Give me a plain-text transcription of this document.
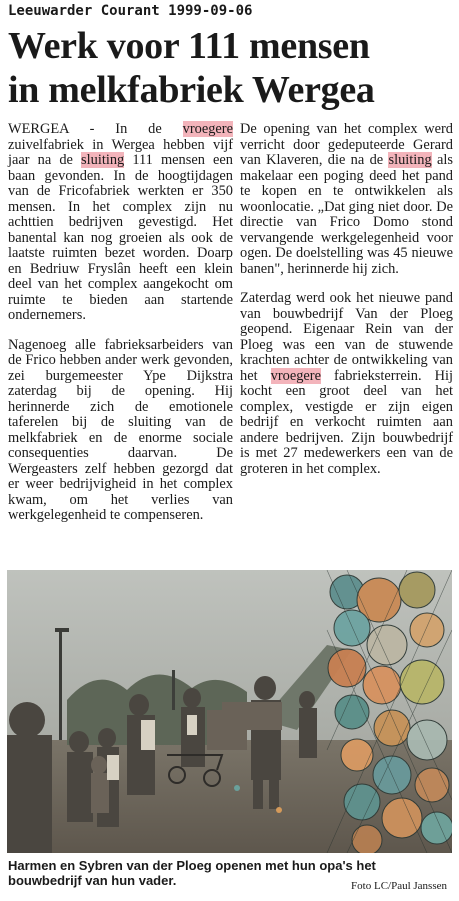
Leeuwarder Courant 1999-09-06
Werk voor 111 mensen
in melkfabriek Wergea

WERGEA - In de vroegere zuivelfabriek in Wergea hebben vijf jaar na de sluiting 111 mensen een baan gevonden. In de hoogtijdagen van de Fricofabriek werkten er 350 mensen. In het complex zijn nu achttien bedrijven gevestigd. Het banental kan nog groeien als ook de laatste ruimten bezet worden. Doarp en Bedriuw Fryslân heeft een klein deel van het complex aangekocht om ruimte te bieden aan startende ondernemers.

Nagenoeg alle fabrieksarbeiders van de Frico hebben ander werk gevonden, zei burgemeester Ype Dijkstra zaterdag bij de opening. Hij herinnerde zich de emotionele taferelen bij de sluiting van de melkfabriek en de enorme sociale consequenties daarvan. De Wergeasters zelf hebben gezorgd dat er weer bedrijvigheid in het complex kwam, om het verlies van werkgelegenheid te compenseren.

De opening van het complex werd verricht door gedeputeerde Gerard van Klaveren, die na de sluiting als makelaar een poging deed het pand te kopen en te ontwikkelen als woonlocatie. „Dat ging niet door. De directie van Frico Domo stond vervangende werkgelegenheid voor ogen. De doelstelling was 45 nieuwe banen", herinnerde hij zich.

Zaterdag werd ook het nieuwe pand van bouwbedrijf Van der Ploeg geopend. Eigenaar Rein van der Ploeg was een van de stuwende krachten achter de ontwikkeling van het vroegere fabrieksterrein. Hij kocht een groot deel van het complex, vestigde er zijn eigen bedrijf en verkocht ruimten aan andere bedrijven. Zijn bouwbedrijf is met 27 medewerkers een van de groteren in het complex.

Harmen en Sybren van der Ploeg openen met hun opa's het bouwbedrijf van hun vader.	Foto LC/Paul Janssen
